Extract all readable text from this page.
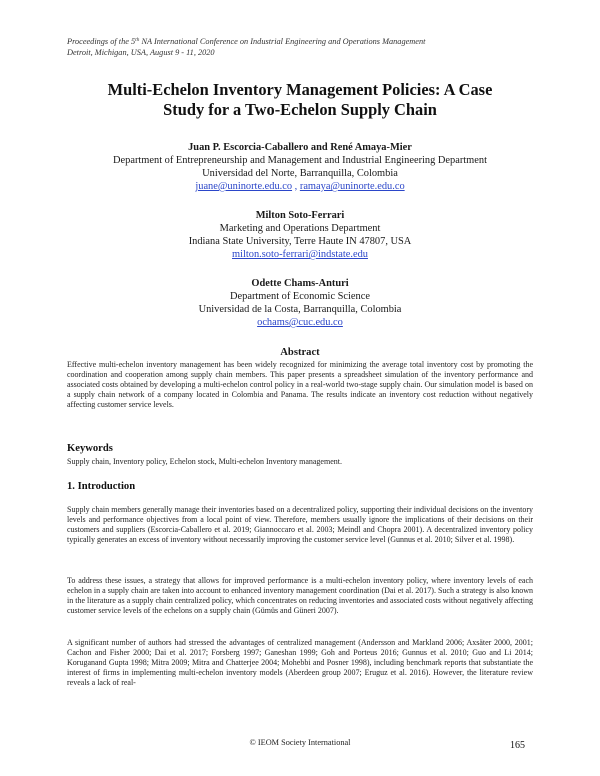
Proceedings of the 5th NA International Conference on Industrial Engineering and Operations Management
Detroit, Michigan, USA, August 9 - 11, 2020
Multi-Echelon Inventory Management Policies: A Case
Study for a Two-Echelon Supply Chain
Juan P. Escorcia-Caballero and René Amaya-Mier
Department of Entrepreneurship and Management and Industrial Engineering Department
Universidad del Norte, Barranquilla, Colombia
juane@uninorte.edu.co , ramaya@uninorte.edu.co
Milton Soto-Ferrari
Marketing and Operations Department
Indiana State University, Terre Haute IN 47807, USA
milton.soto-ferrari@indstate.edu
Odette Chams-Anturi
Department of Economic Science
Universidad de la Costa, Barranquilla, Colombia
ochams@cuc.edu.co
Abstract
Effective multi-echelon inventory management has been widely recognized for minimizing the average total inventory cost by promoting the coordination and cooperation among supply chain members. This paper presents a spreadsheet simulation of the inventory performance and associated costs obtained by developing a multi-echelon control policy in a real-world two-stage supply chain. Our simulation model is based on a supply chain network of a company located in Colombia and Panama. The results indicate an inventory cost reduction without negatively affecting customer service levels.
Keywords
Supply chain, Inventory policy, Echelon stock, Multi-echelon Inventory management.
1. Introduction
Supply chain members generally manage their inventories based on a decentralized policy, supporting their individual decisions on the inventory levels and performance objectives from a local point of view. Therefore, members usually ignore the implications of their decisions on their customers and suppliers (Escorcia-Caballero et al. 2019; Giannoccaro et al. 2003; Meindl and Chopra 2001). A decentralized inventory policy typically generates an excess of inventory without necessarily improving the customer service level (Gunnus et al. 2010; Silver et al. 1998).
To address these issues, a strategy that allows for improved performance is a multi-echelon inventory policy, where inventory levels of each echelon in a supply chain are taken into account to enhanced inventory management coordination (Dai et al. 2017). Such a strategy is also known in the literature as a supply chain centralized policy, which concentrates on reducing inventories and associated costs without negatively affecting customer service levels of the echelons on a supply chain (Gümüs and Güneri 2007).
A significant number of authors had stressed the advantages of centralized management (Andersson and Markland 2006; Axsäter 2000, 2001; Cachon and Fisher 2000; Dai et al. 2017; Forsberg 1997; Ganeshan 1999; Goh and Porteus 2016; Gunnus et al. 2010; Guo and Li 2014; Koruganand Gupta 1998; Mitra 2009; Mitra and Chatterjee 2004; Mohebbi and Posner 1998), including benchmark reports that substantiate the interest of firms in implementing multi-echelon inventory models (Aberdeen group 2007; Eruguz et al. 2016). However, the literature review reveals a lack of real-
© IEOM Society International	165
